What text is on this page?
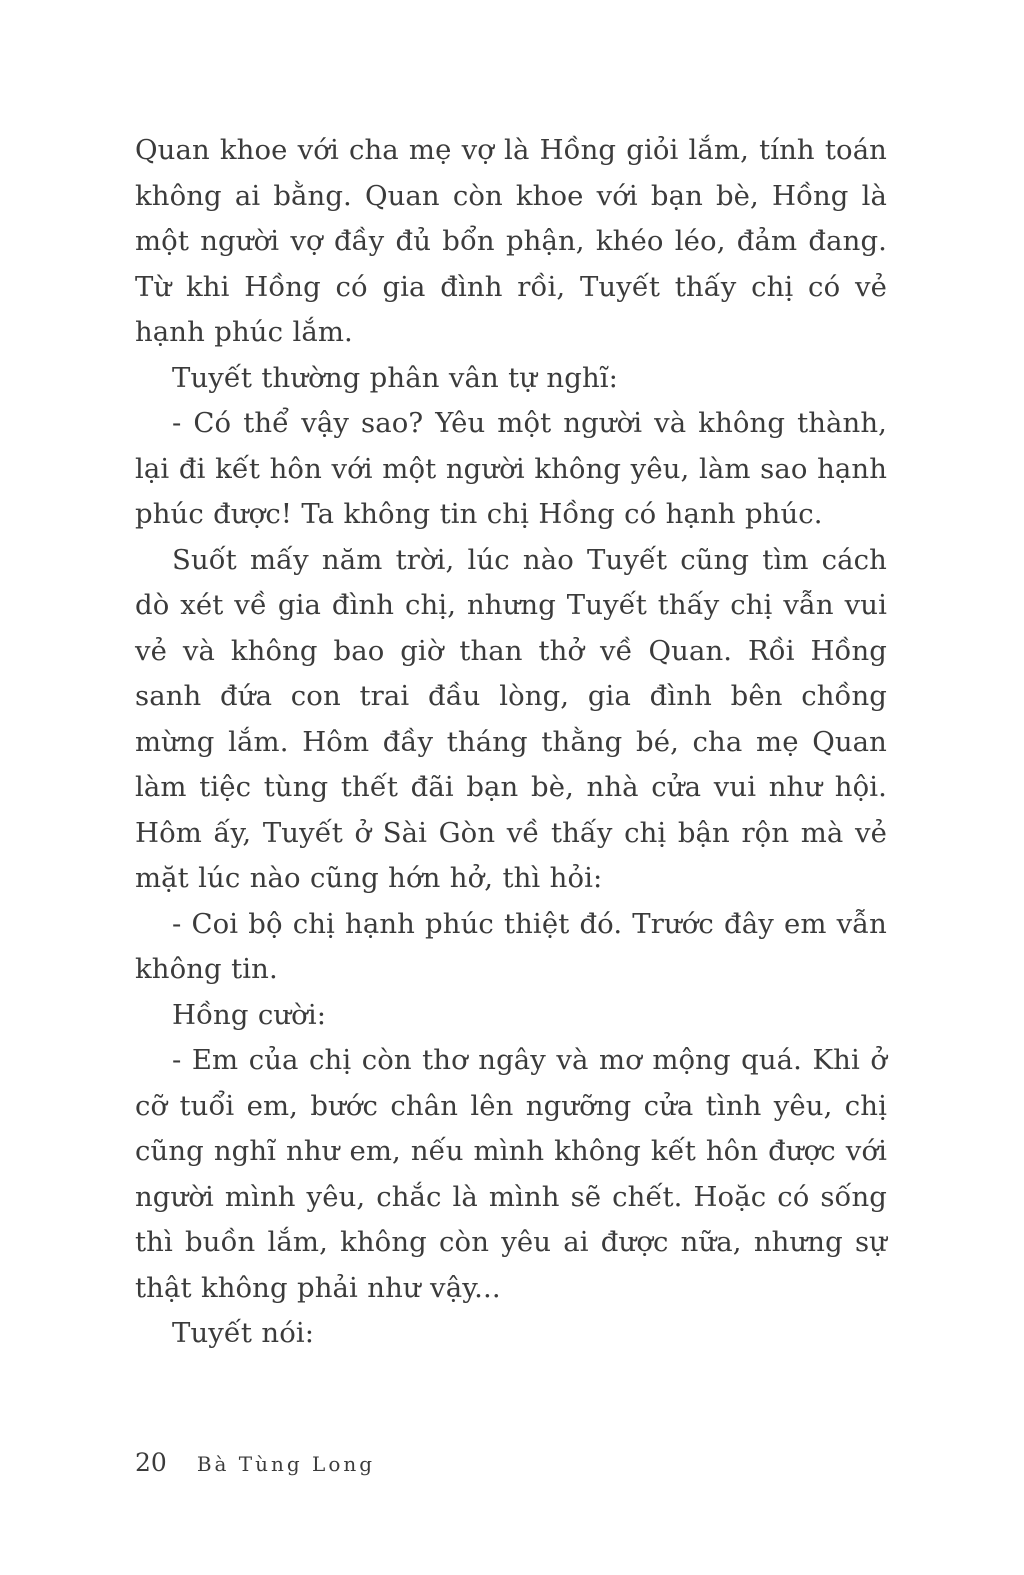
Quan khoe với cha mẹ vợ là Hồng giỏi lắm, tính toán không ai bằng. Quan còn khoe với bạn bè, Hồng là một người vợ đầy đủ bổn phận, khéo léo, đảm đang. Từ khi Hồng có gia đình rồi, Tuyết thấy chị có vẻ hạnh phúc lắm.

Tuyết thường phân vân tự nghĩ:

- Có thể vậy sao? Yêu một người và không thành, lại đi kết hôn với một người không yêu, làm sao hạnh phúc được! Ta không tin chị Hồng có hạnh phúc.

Suốt mấy năm trời, lúc nào Tuyết cũng tìm cách dò xét về gia đình chị, nhưng Tuyết thấy chị vẫn vui vẻ và không bao giờ than thở về Quan. Rồi Hồng sanh đứa con trai đầu lòng, gia đình bên chồng mừng lắm. Hôm đầy tháng thằng bé, cha mẹ Quan làm tiệc tùng thết đãi bạn bè, nhà cửa vui như hội. Hôm ấy, Tuyết ở Sài Gòn về thấy chị bận rộn mà vẻ mặt lúc nào cũng hớn hở, thì hỏi:

- Coi bộ chị hạnh phúc thiệt đó. Trước đây em vẫn không tin.

Hồng cười:

- Em của chị còn thơ ngây và mơ mộng quá. Khi ở cỡ tuổi em, bước chân lên ngưỡng cửa tình yêu, chị cũng nghĩ như em, nếu mình không kết hôn được với người mình yêu, chắc là mình sẽ chết. Hoặc có sống thì buồn lắm, không còn yêu ai được nữa, nhưng sự thật không phải như vậy...

Tuyết nói:

20 Bà Tùng Long
